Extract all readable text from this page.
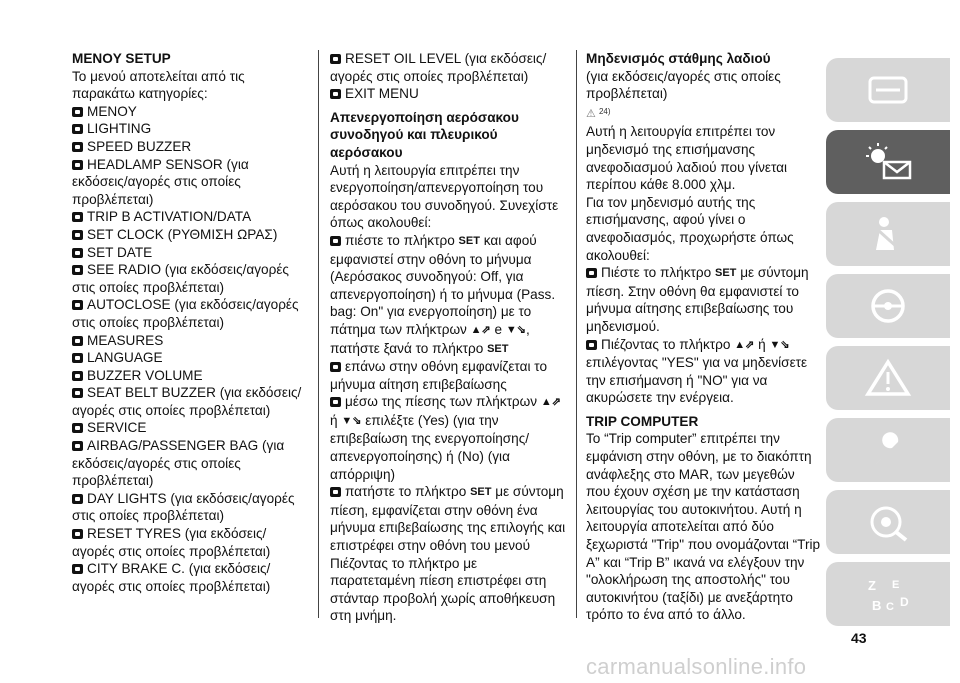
MENOY SETUP

Το μενού αποτελείται από τις παρακάτω κατηγορίες:

MENOY

LIGHTING

SPEED BUZZER

HEADLAMP SENSOR (για εκδόσεις/αγορές στις οποίες προβλέπεται)

TRIP B ACTIVATION/DATA

SET CLOCK (ΡΥΘΜΙΣΗ ΩΡΑΣ)

SET DATE

SEE RADIO (για εκδόσεις/αγορές στις οποίες προβλέπεται)

AUTOCLOSE (για εκδόσεις/αγορές στις οποίες προβλέπεται)

MEASURES

LANGUAGE

BUZZER VOLUME

SEAT BELT BUZZER (για εκδόσεις/αγορές στις οποίες προβλέπεται)

SERVICE

AIRBAG/PASSENGER BAG (για εκδόσεις/αγορές στις οποίες προβλέπεται)

DAY LIGHTS (για εκδόσεις/αγορές στις οποίες προβλέπεται)

RESET TYRES (για εκδόσεις/αγορές στις οποίες προβλέπεται)

CITY BRAKE C. (για εκδόσεις/αγορές στις οποίες προβλέπεται)

RESET OIL LEVEL (για εκδόσεις/αγορές στις οποίες προβλέπεται)

EXIT MENU

Απενεργοποίηση αερόσακου συνοδηγού και πλευρικού αερόσακου

Αυτή η λειτουργία επιτρέπει την ενεργοποίηση/απενεργοποίηση του αερόσακου του συνοδηγού. Συνεχίστε όπως ακολουθεί:

πιέστε το πλήκτρο SET και αφού εμφανιστεί στην οθόνη το μήνυμα (Αερόσακος συνοδηγού: Off, για απενεργοποίηση) ή το μήνυμα (Pass. bag: On" για ενεργοποίηση) με το πάτημα των πλήκτρων ▲⇗ e ▼⇘, πατήστε ξανά το πλήκτρο SET

επάνω στην οθόνη εμφανίζεται το μήνυμα αίτηση επιβεβαίωσης

μέσω της πίεσης των πλήκτρων ▲⇗ ή ▼⇘ επιλέξτε (Yes) (για την επιβεβαίωση της ενεργοποίησης/απενεργοποίησης) ή (No) (για απόρριψη)

πατήστε το πλήκτρο SET με σύντομη πίεση, εμφανίζεται στην οθόνη ένα μήνυμα επιβεβαίωσης της επιλογής και επιστρέφει στην οθόνη του μενού Πιέζοντας το πλήκτρο με παρατεταμένη πίεση επιστρέφει στη στάνταρ προβολή χωρίς αποθήκευση στη μνήμη.

Μηδενισμός στάθμης λαδιού

(για εκδόσεις/αγορές στις οποίες προβλέπεται)

⚠ $^{24)}$

Αυτή η λειτουργία επιτρέπει τον μηδενισμό της επισήμανσης ανεφοδιασμού λαδιού που γίνεται περίπου κάθε 8.000 χλμ.

Για τον μηδενισμό αυτής της επισήμανσης, αφού γίνει ο ανεφοδιασμός, προχωρήστε όπως ακολουθεί:

Πιέστε το πλήκτρο SET με σύντομη πίεση. Στην οθόνη θα εμφανιστεί το μήνυμα αίτησης επιβεβαίωσης του μηδενισμού.

Πιέζοντας το πλήκτρο ▲⇗ ή ▼⇘ επιλέγοντας "YES" για να μηδενίσετε την επισήμανση ή "NO" για να ακυρώσετε την ενέργεια.

TRIP COMPUTER

Το “Trip computer” επιτρέπει την εμφάνιση στην οθόνη, με το διακόπτη ανάφλεξης στο MAR, των μεγεθών που έχουν σχέση με την κατάσταση λειτουργίας του αυτοκινήτου. Αυτή η λειτουργία αποτελείται από δύο ξεχωριστά "Trip" που ονομάζονται “Trip A” και “Trip B” ικανά να ελέγξουν την "ολοκλήρωση της αποστολής" του αυτοκινήτου (ταξίδι) με ανεξάρτητο τρόπο το ένα από το άλλο.

Z E
B C D
43
carmanualsonline.info
